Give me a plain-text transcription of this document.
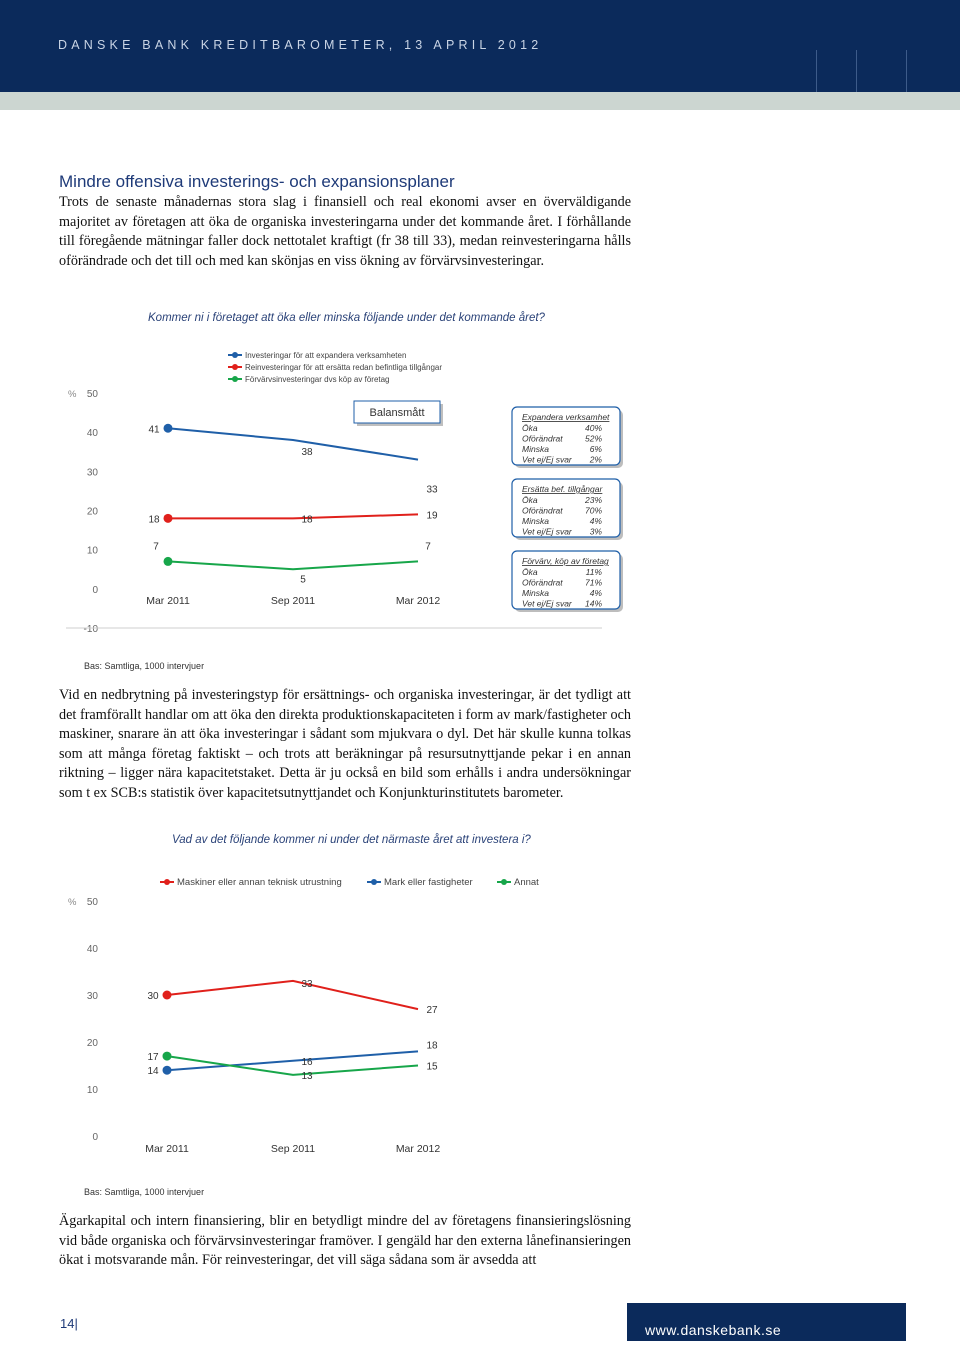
DANSKE BANK KREDITBAROMETER, 13 APRIL 2012
Mindre offensiva investerings- och expansionsplaner

Trots de senaste månadernas stora slag i finansiell och real ekonomi avser en överväldigande majoritet av företagen att öka de organiska investeringarna under det kommande året. I förhållande till föregående mätningar faller dock nettotalet kraftigt (fr 38 till 33), medan reinvesteringarna hålls oförändrade och det till och med kan skönjas en viss ökning av förvärvsinvesteringar.

Kommer ni i företaget att öka eller minska följande under det kommande året?
% 50
40
30
20
10
0
-10
Mar 2011	Sep 2011	Mar 2012
Investeringar för att expandera verksamheten
Reinvesteringar för att ersätta redan befintliga tillgångar
Förvärvsinvesteringar dvs köp av företag
41
38
33
18	18	19
7
5
7
Balansmått	Expandera verksamhet
Öka	40%
Oförändrat	52%
Minska	6%
Vet ej/Ej svar 2%
Ersätta bef. tillgångar
Öka	23%
Oförändrat	70%
Minska	4%
Vet ej/Ej svar 3%
Förvärv, köp av företag
Öka	11%
Oförändrat	71%
Minska	4%
Vet ej/Ej svar 14%
Bas: Samtliga, 1000 intervjuer

Vid en nedbrytning på investeringstyp för ersättnings- och organiska investeringar, är det tydligt att det framförallt handlar om att öka den direkta produktionskapaciteten i form av mark/fastigheter och maskiner, snarare än att öka investeringar i sådant som mjukvara o dyl. Det här skulle kunna tolkas som att många företag faktiskt – och trots att beräkningar på resursutnyttjande pekar i en annan riktning – ligger nära kapacitetstaket. Detta är ju också en bild som erhålls i andra undersökningar som t ex SCB:s statistik över kapacitetsutnyttjandet och Konjunkturinstitutets barometer.

Vad av det följande kommer ni under det närmaste året att investera i?
% 50
40
30
20
10
0
Mar 2011	Sep 2011	Mar 2012
Maskiner eller annan teknisk utrustning	Mark eller fastigheter	Annat
30
33
27
14
16
18
17
13
15
Bas: Samtliga, 1000 intervjuer

Ägarkapital och intern finansiering, blir en betydligt mindre del av företagens finansieringslösning vid både organiska och förvärvsinvesteringar framöver. I gengäld har den externa lånefinansieringen ökat i motsvarande mån. För reinvesteringar, det vill säga sådana som är avsedda att

14|	www.danskebank.se
